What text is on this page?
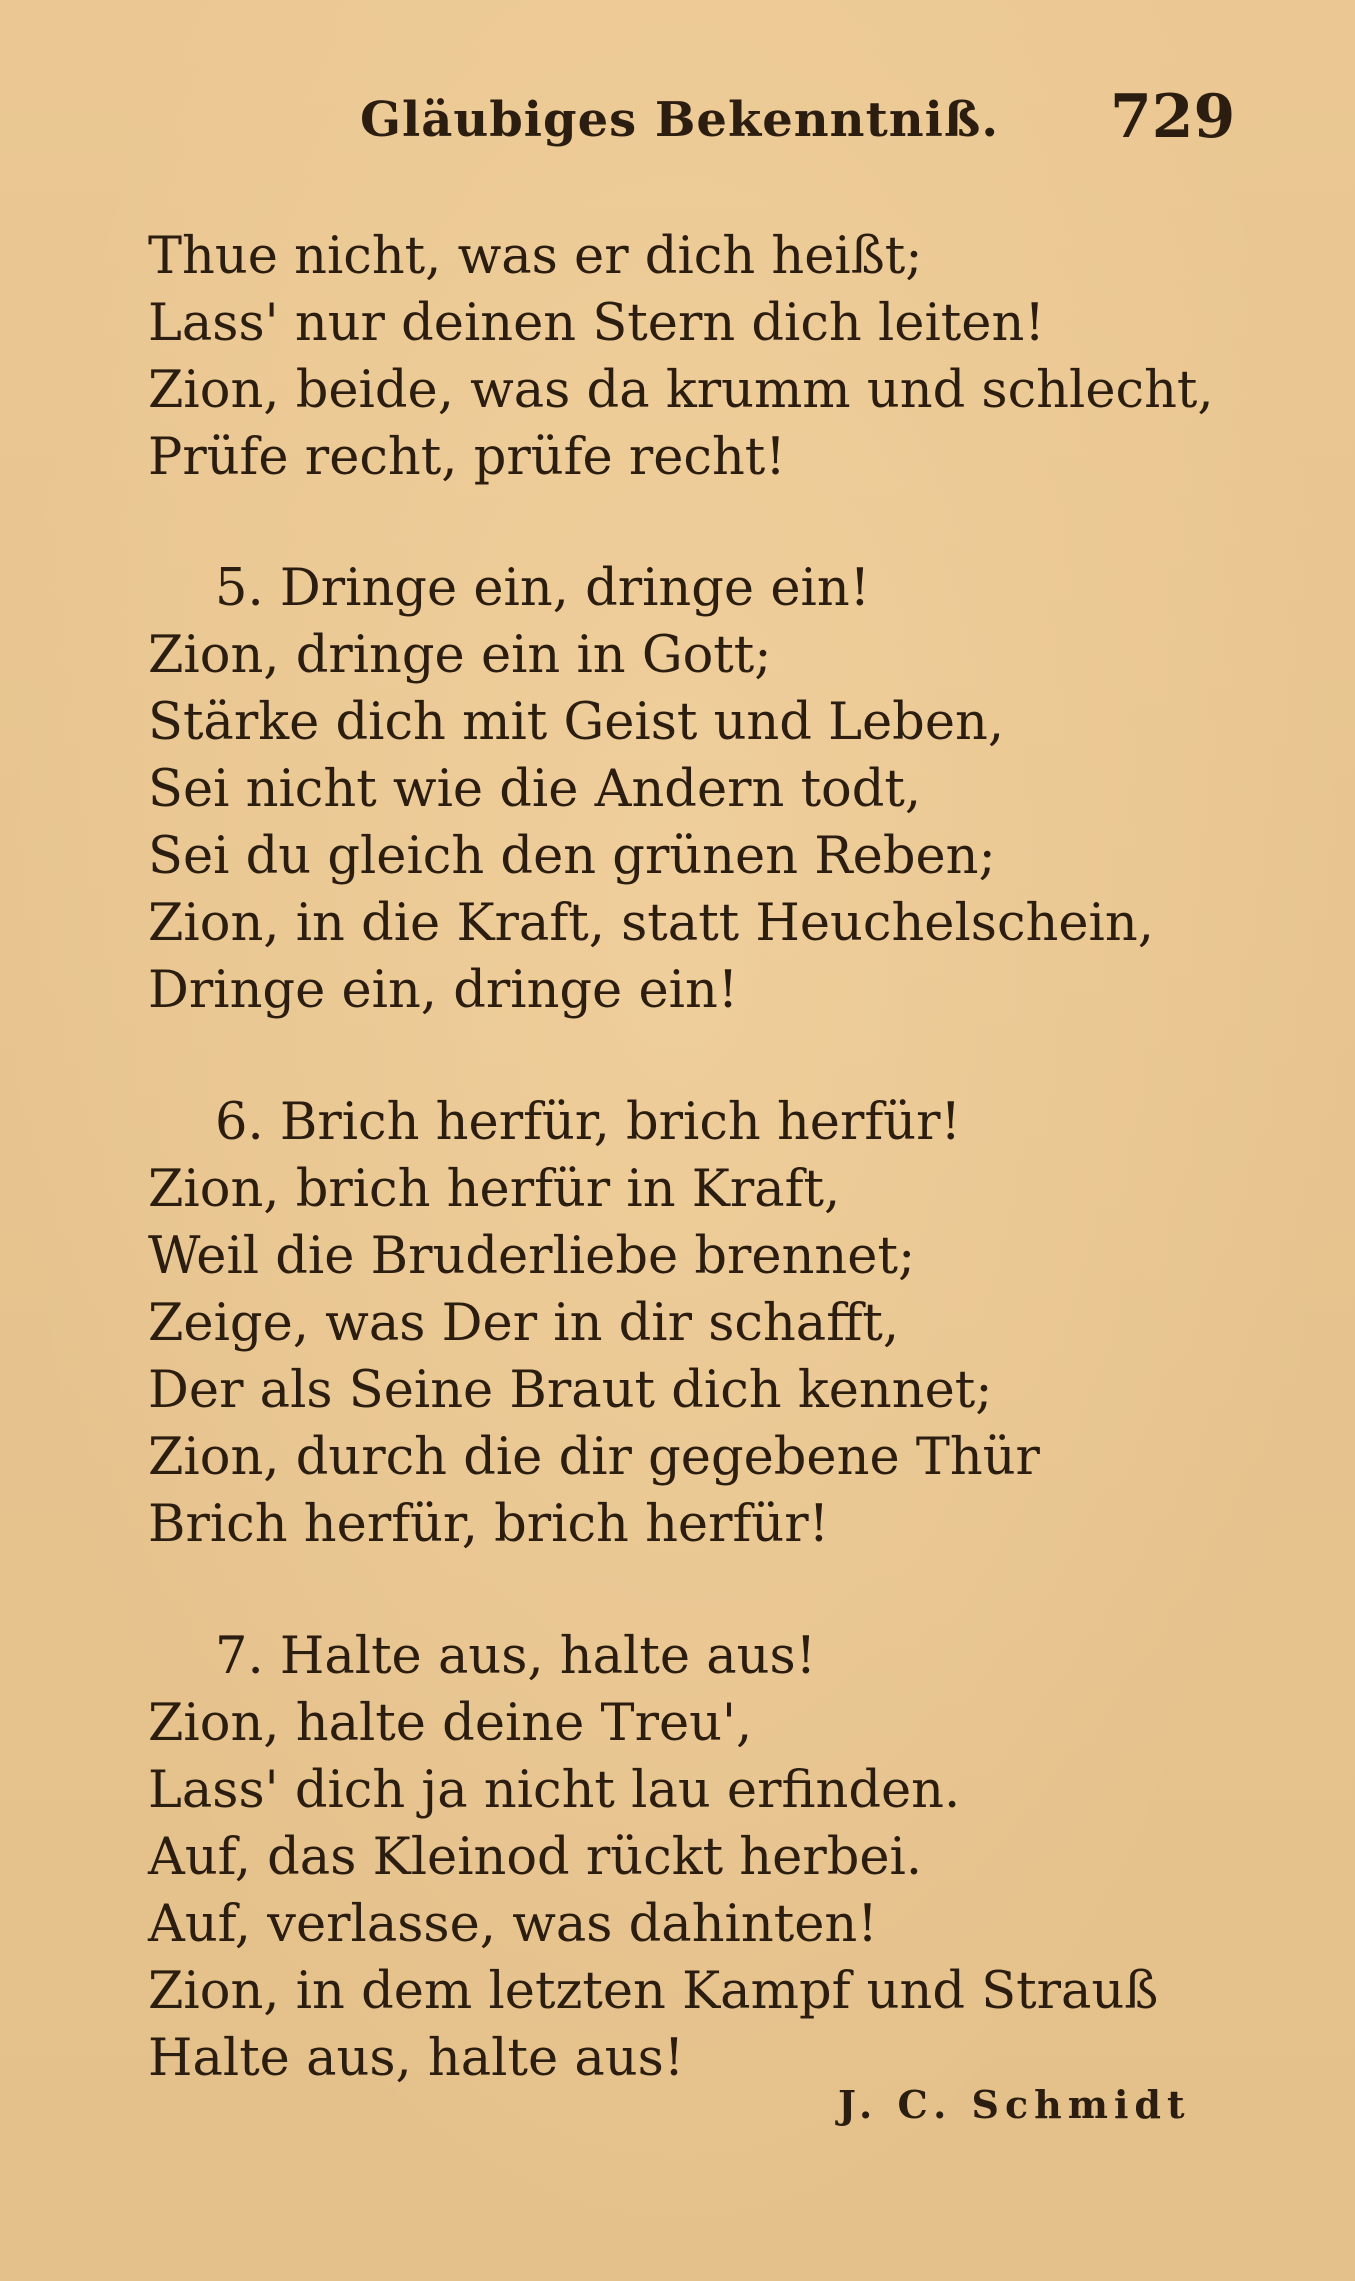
Gläubiges Bekenntniß. 729
Thue nicht, was er dich heißt;
Lass' nur deinen Stern dich leiten!
Zion, beide, was da krumm und schlecht,
Prüfe recht, prüfe recht!
5. Dringe ein, dringe ein!
Zion, dringe ein in Gott;
Stärke dich mit Geist und Leben,
Sei nicht wie die Andern todt,
Sei du gleich den grünen Reben;
Zion, in die Kraft, statt Heuchelschein,
Dringe ein, dringe ein!
6. Brich herfür, brich herfür!
Zion, brich herfür in Kraft,
Weil die Bruderliebe brennet;
Zeige, was Der in dir schafft,
Der als Seine Braut dich kennet;
Zion, durch die dir gegebene Thür
Brich herfür, brich herfür!
7. Halte aus, halte aus!
Zion, halte deine Treu',
Lass' dich ja nicht lau erfinden.
Auf, das Kleinod rückt herbei.
Auf, verlasse, was dahinten!
Zion, in dem letzten Kampf und Strauß
Halte aus, halte aus!
J. C. Schmidt
